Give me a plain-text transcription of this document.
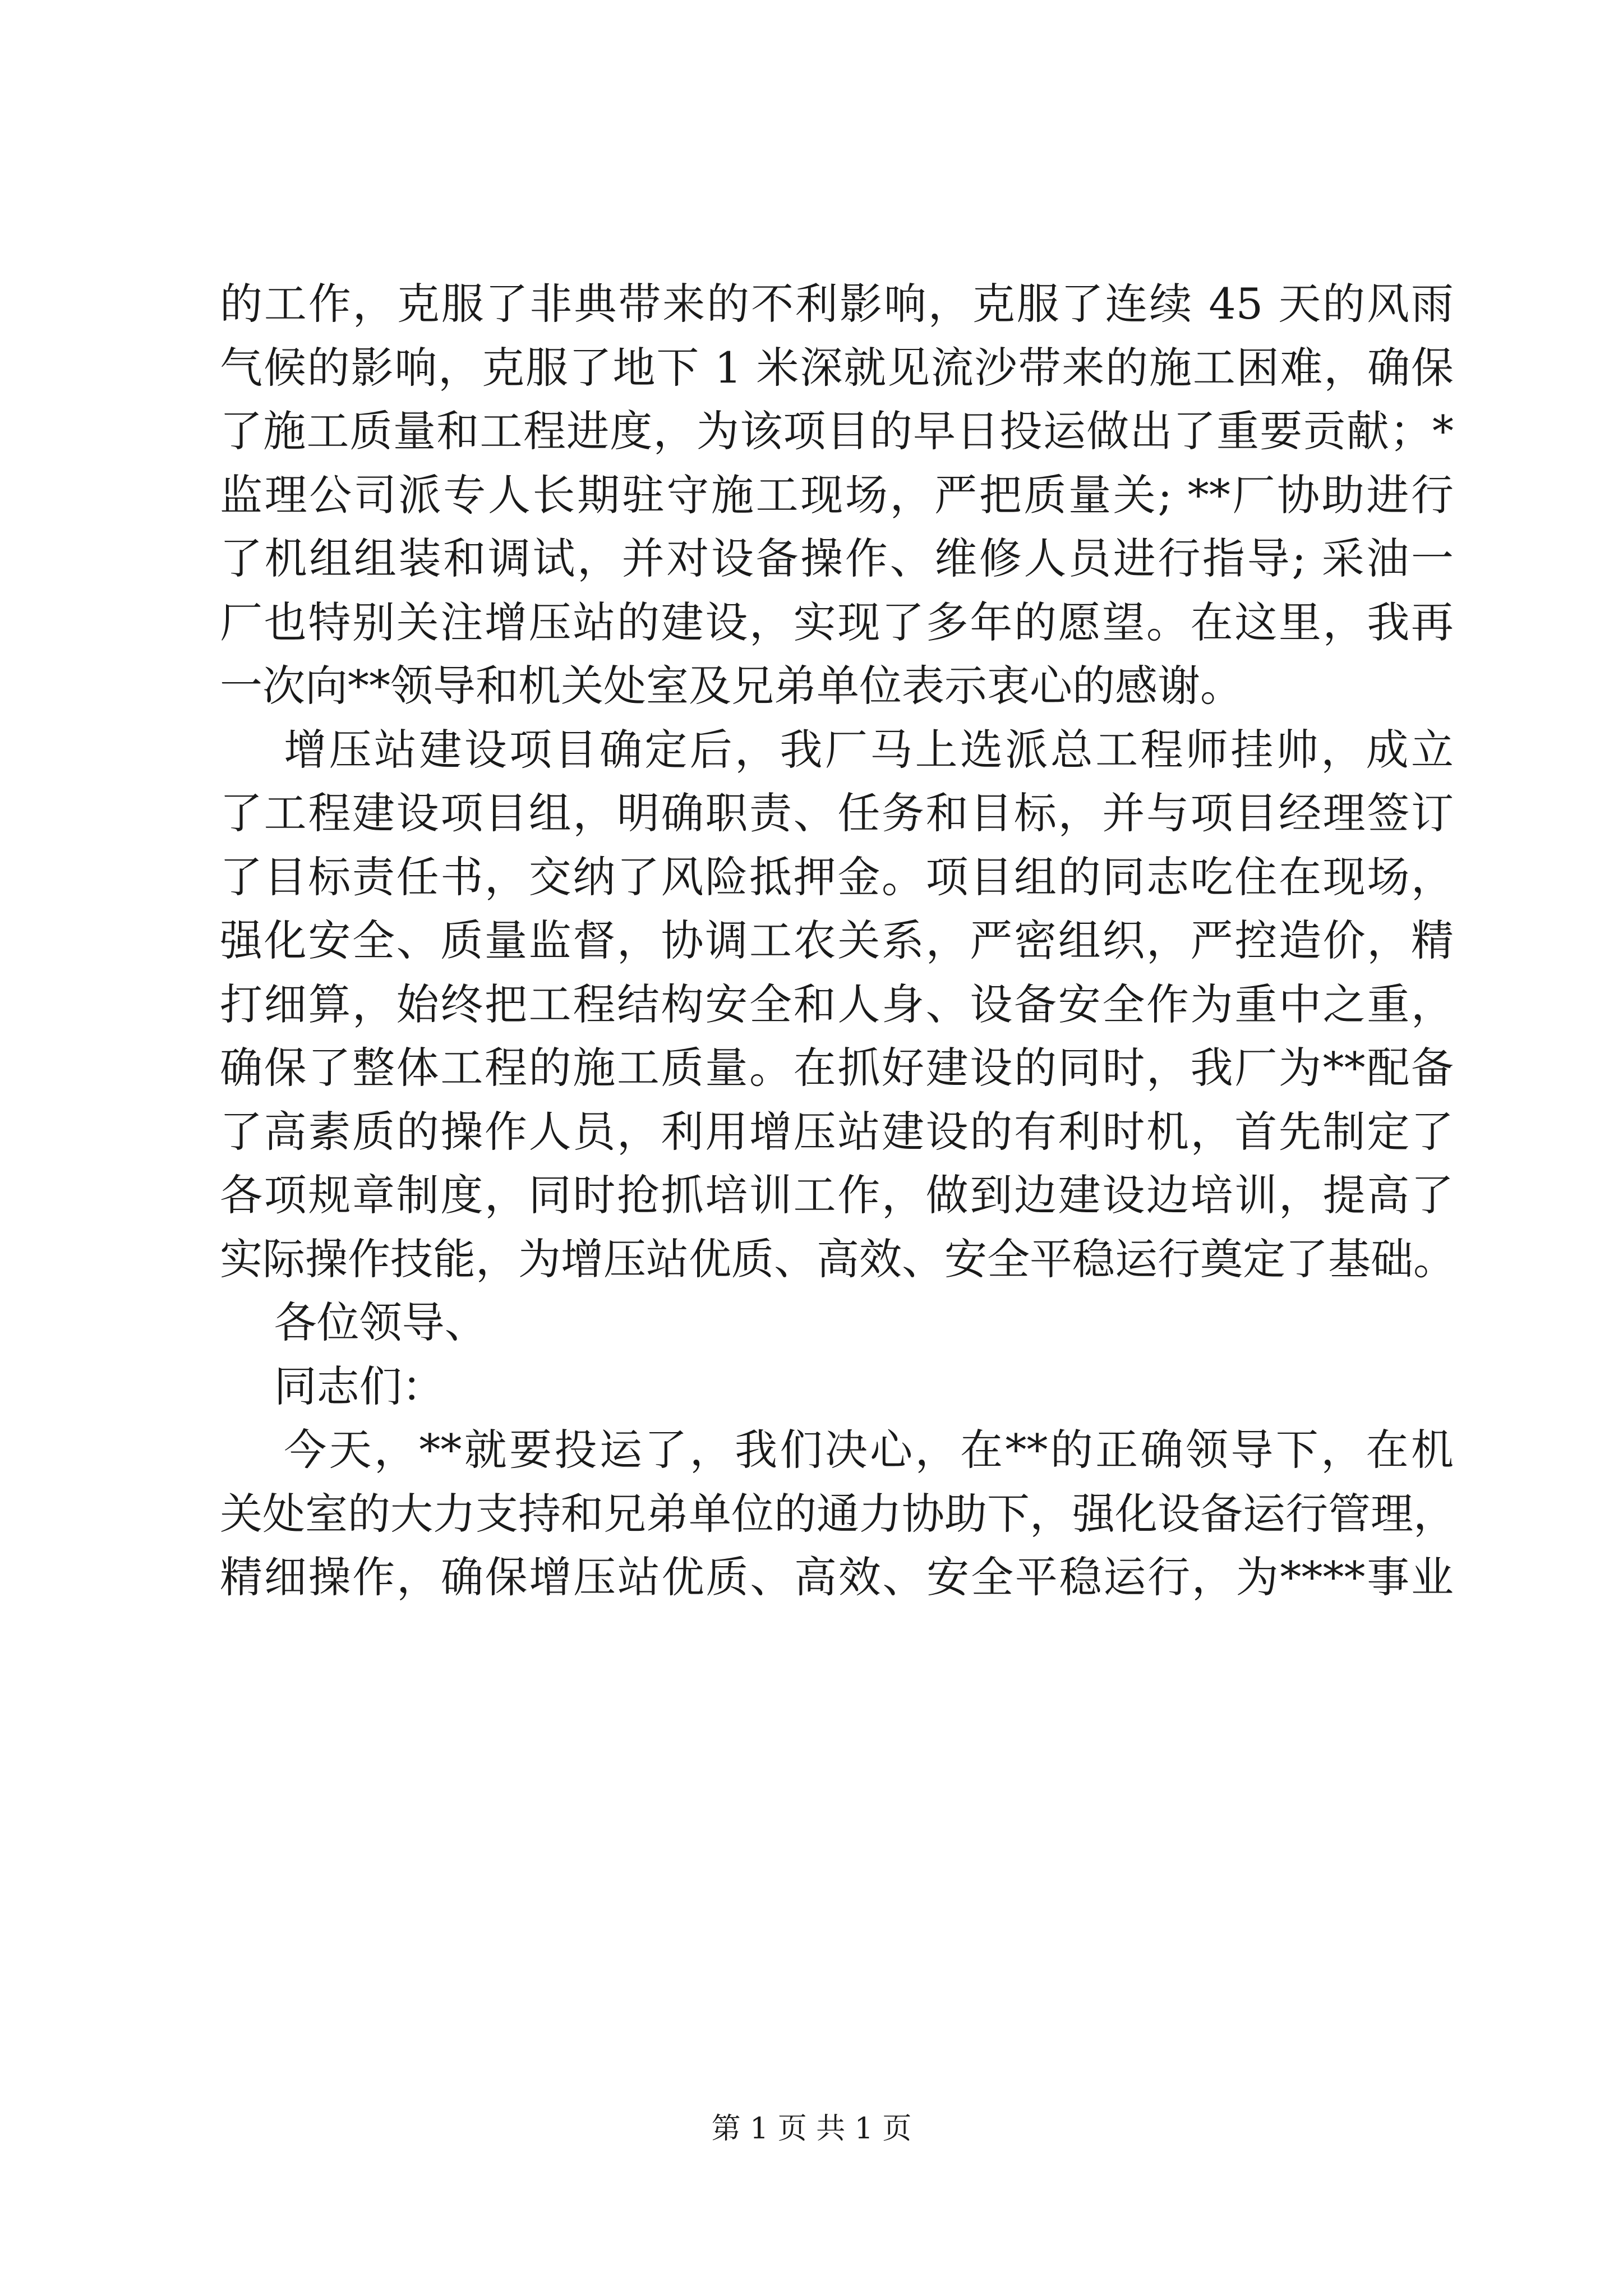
的工作，克服了非典带来的不利影响，克服了连续 45 天的风雨
气候的影响，克服了地下 1 米深就见流沙带来的施工困难，确保
了施工质量和工程进度，为该项目的早日投运做出了重要贡献；*
监理公司派专人长期驻守施工现场，严把质量关; **厂协助进行
了机组组装和调试，并对设备操作、维修人员进行指导; 采油一
厂也特别关注增压站的建设，实现了多年的愿望。在这里，我再
一次向**领导和机关处室及兄弟单位表示衷心的感谢。
增压站建设项目确定后，我厂马上选派总工程师挂帅，成立
了工程建设项目组，明确职责、任务和目标，并与项目经理签订
了目标责任书，交纳了风险抵押金。项目组的同志吃住在现场，
强化安全、质量监督，协调工农关系，严密组织，严控造价，精
打细算，始终把工程结构安全和人身、设备安全作为重中之重，
确保了整体工程的施工质量。在抓好建设的同时，我厂为**配备
了高素质的操作人员，利用增压站建设的有利时机，首先制定了
各项规章制度，同时抢抓培训工作，做到边建设边培训，提高了
实际操作技能，为增压站优质、高效、安全平稳运行奠定了基础。
各位领导、
同志们：
今天，**就要投运了，我们决心，在**的正确领导下，在机
关处室的大力支持和兄弟单位的通力协助下，强化设备运行管理，
精细操作，确保增压站优质、高效、安全平稳运行，为****事业
第 1 页 共 1 页
